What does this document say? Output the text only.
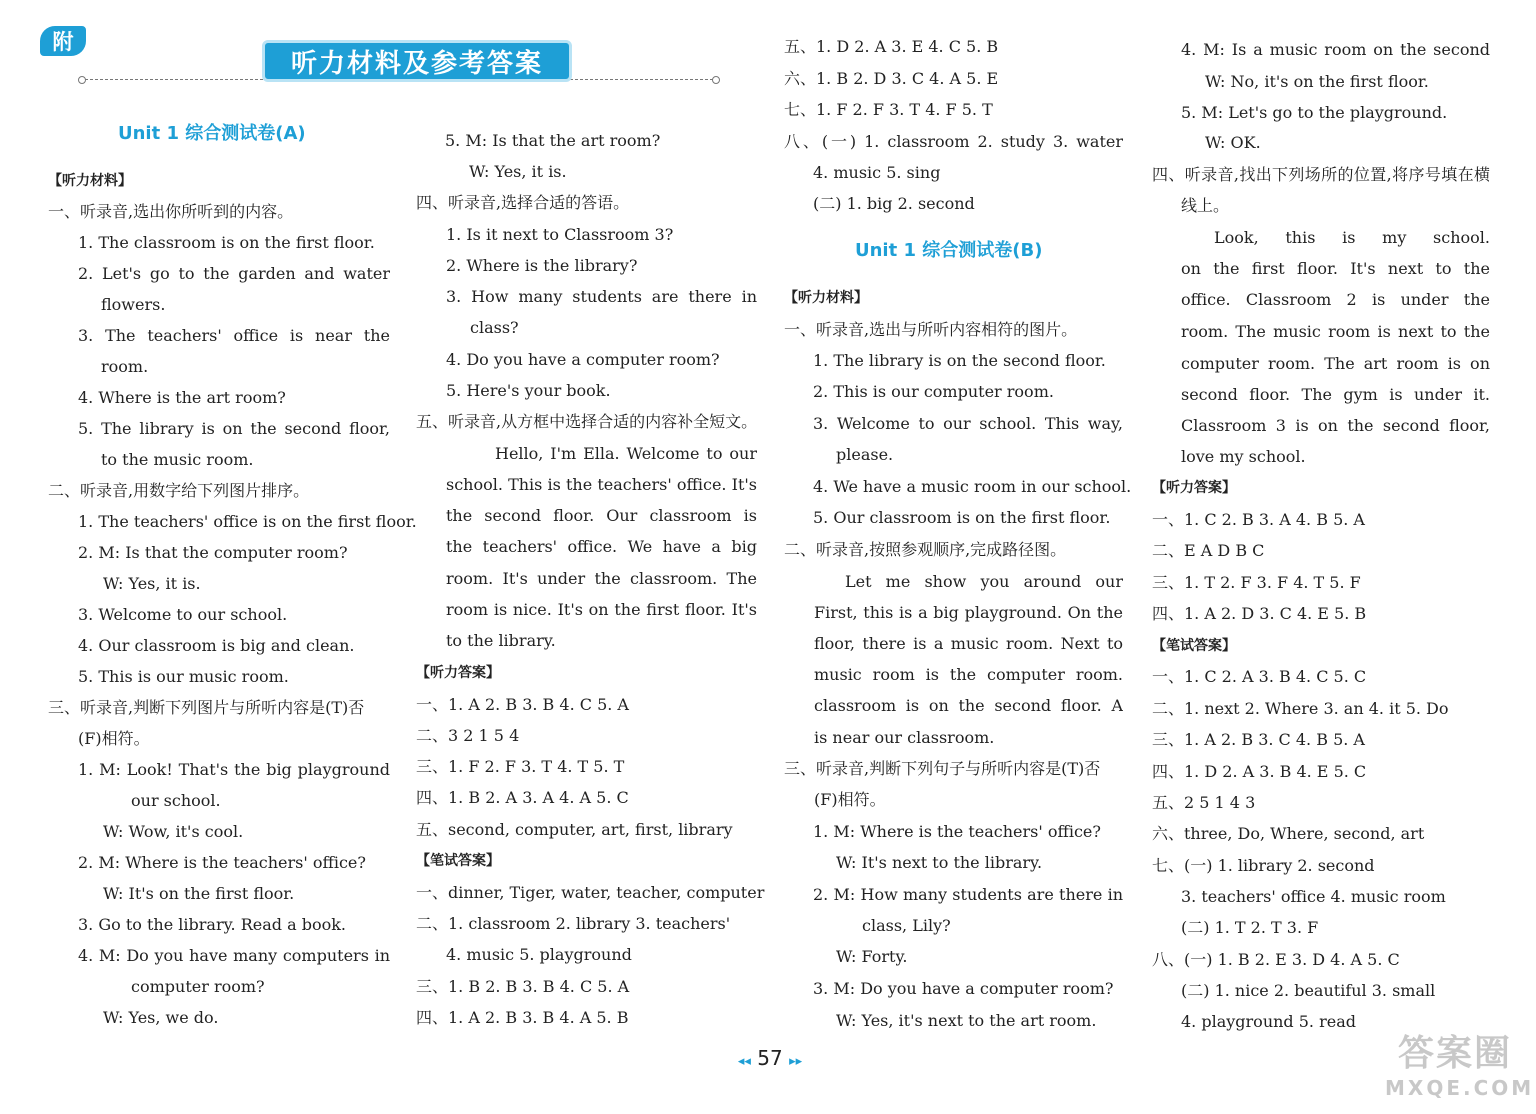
附
听力材料及参考答案
Unit 1 综合测试卷(A)
【听力材料】
一、听录音,选出你所听到的内容。
1. The classroom is on the first floor.
2. Let's go to the garden and water
flowers.
3. The teachers' office is near the
room.
4. Where is the art room?
5. The library is on the second floor,
to the music room.
二、听录音,用数字给下列图片排序。
1. The teachers' office is on the first floor.
2. M: Is that the computer room?
W: Yes, it is.
3. Welcome to our school.
4. Our classroom is big and clean.
5. This is our music room.
三、听录音,判断下列图片与所听内容是(T)否
(F)相符。
1. M: Look! That's the big playground
our school.
W: Wow, it's cool.
2. M: Where is the teachers' office?
W: It's on the first floor.
3. Go to the library. Read a book.
4. M: Do you have many computers in
computer room?
W: Yes, we do.
5. M: Is that the art room?
W: Yes, it is.
四、听录音,选择合适的答语。
1. Is it next to Classroom 3?
2. Where is the library?
3. How many students are there in
class?
4. Do you have a computer room?
5. Here's your book.
五、听录音,从方框中选择合适的内容补全短文。
Hello, I'm Ella. Welcome to our
school. This is the teachers' office. It's
the second floor. Our classroom is
the teachers' office. We have a big
room. It's under the classroom. The
room is nice. It's on the first floor. It's
to the library.
【听力答案】
一、1. A 2. B 3. B 4. C 5. A
二、3 2 1 5 4
三、1. F 2. F 3. T 4. T 5. T
四、1. B 2. A 3. A 4. A 5. C
五、second, computer, art, first, library
【笔试答案】
一、dinner, Tiger, water, teacher, computer
二、1. classroom 2. library 3. teachers'
4. music 5. playground
三、1. B 2. B 3. B 4. C 5. A
四、1. A 2. B 3. B 4. A 5. B
五、1. D 2. A 3. E 4. C 5. B
六、1. B 2. D 3. C 4. A 5. E
七、1. F 2. F 3. T 4. F 5. T
八、(一) 1. classroom 2. study 3. water
4. music 5. sing
(二) 1. big 2. second
Unit 1 综合测试卷(B)
【听力材料】
一、听录音,选出与所听内容相符的图片。
1. The library is on the second floor.
2. This is our computer room.
3. Welcome to our school. This way,
please.
4. We have a music room in our school.
5. Our classroom is on the first floor.
二、听录音,按照参观顺序,完成路径图。
Let me show you around our
First, this is a big playground. On the
floor, there is a music room. Next to
music room is the computer room.
classroom is on the second floor. A
is near our classroom.
三、听录音,判断下列句子与所听内容是(T)否
(F)相符。
1. M: Where is the teachers' office?
W: It's next to the library.
2. M: How many students are there in
class, Lily?
W: Forty.
3. M: Do you have a computer room?
W: Yes, it's next to the art room.
4. M: Is a music room on the second
W: No, it's on the first floor.
5. M: Let's go to the playground.
W: OK.
四、听录音,找出下列场所的位置,将序号填在横
线上。
Look, this is my school.
on the first floor. It's next to the
office. Classroom 2 is under the
room. The music room is next to the
computer room. The art room is on
second floor. The gym is under it.
Classroom 3 is on the second floor,
love my school.
【听力答案】
一、1. C 2. B 3. A 4. B 5. A
二、E A D B C
三、1. T 2. F 3. F 4. T 5. F
四、1. A 2. D 3. C 4. E 5. B
【笔试答案】
一、1. C 2. A 3. B 4. C 5. C
二、1. next 2. Where 3. an 4. it 5. Do
三、1. A 2. B 3. C 4. B 5. A
四、1. D 2. A 3. B 4. E 5. C
五、2 5 1 4 3
六、three, Do, Where, second, art
七、(一) 1. library 2. second
3. teachers' office 4. music room
(二) 1. T 2. T 3. F
八、(一) 1. B 2. E 3. D 4. A 5. C
(二) 1. nice 2. beautiful 3. small
4. playground 5. read
◂◂ 57 ▸▸	答案圈
MXQE.COM
